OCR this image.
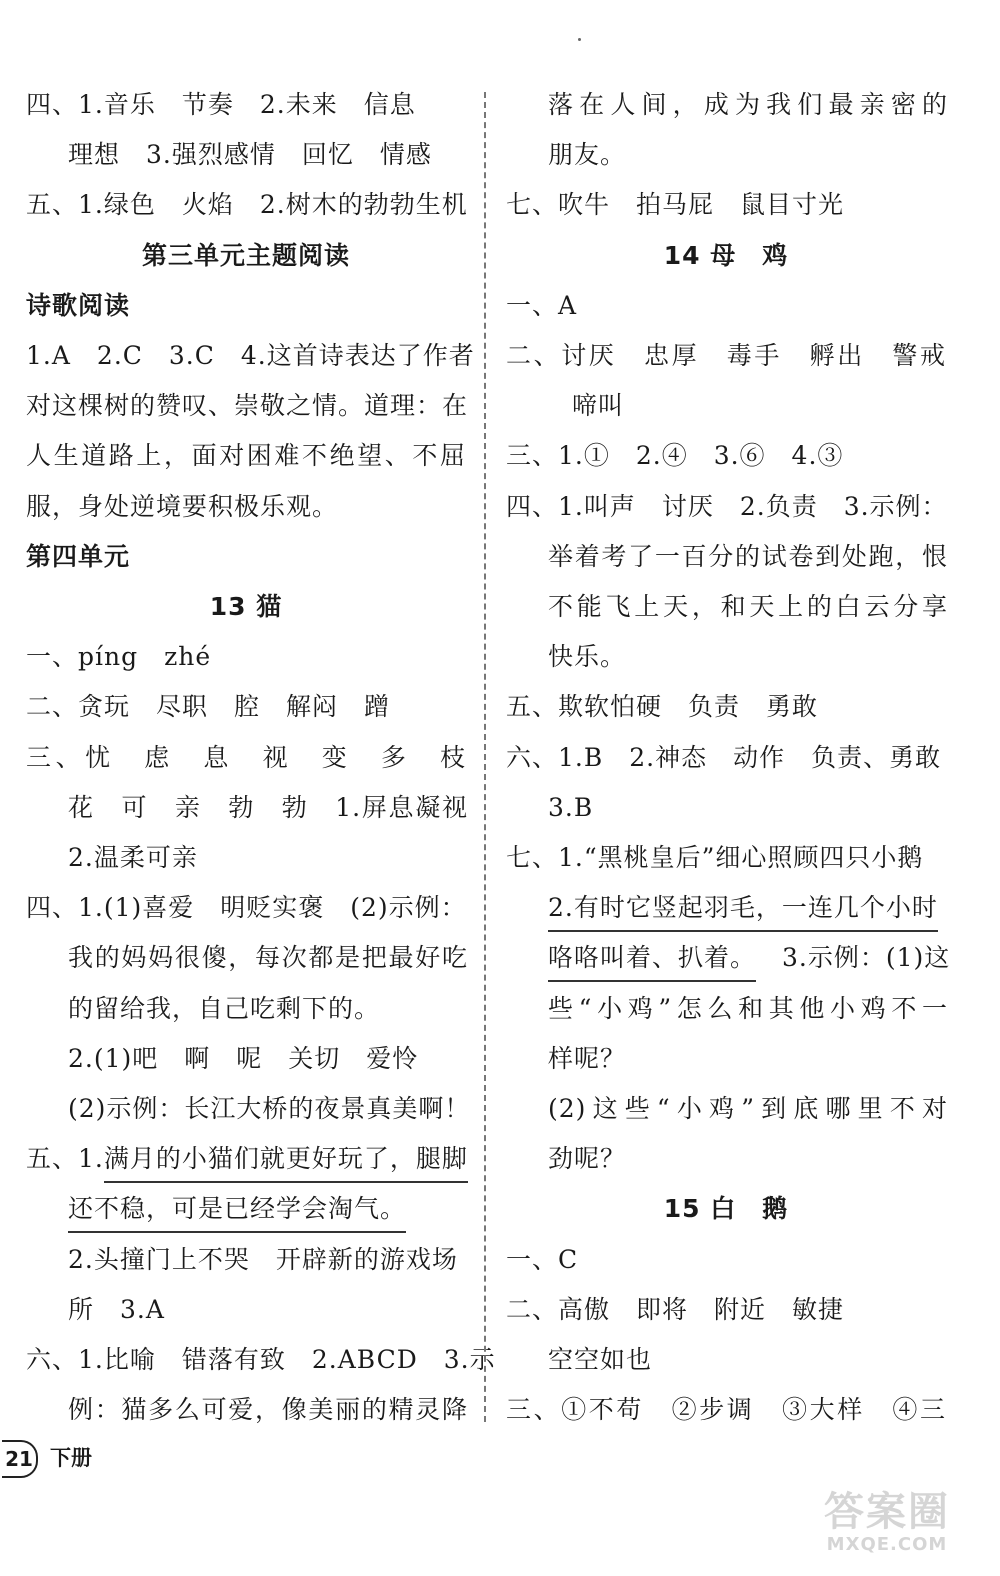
四、1.音乐　节奏　2.未来　信息
理想　3.强烈感情　回忆　情感
五、1.绿色　火焰　2.树木的勃勃生机
第三单元主题阅读
诗歌阅读
1.A　2.C　3.C　4.这首诗表达了作者
对这棵树的赞叹、崇敬之情。道理：在
人生道路上，面对困难不绝望、不屈
服，身处逆境要积极乐观。
第四单元
13 猫
一、píng　zhé
二、贪玩　尽职　腔　解闷　蹭
三、忧　虑　息　视　变　多　枝
花　可　亲　勃　勃　1.屏息凝视
2.温柔可亲
四、1.(1)喜爱　明贬实褒　(2)示例：
我的妈妈很傻，每次都是把最好吃
的留给我，自己吃剩下的。
2.(1)吧　啊　呢　关切　爱怜
(2)示例：长江大桥的夜景真美啊！
五、1.满月的小猫们就更好玩了，腿脚
还不稳，可是已经学会淘气。
2.头撞门上不哭　开辟新的游戏场
所　3.A
六、1.比喻　错落有致　2.ABCD　3.示
例：猫多么可爱，像美丽的精灵降
落在人间，成为我们最亲密的
朋友。
七、吹牛　拍马屁　鼠目寸光
14 母　鸡
一、A
二、讨厌　忠厚　毒手　孵出　警戒
啼叫
三、1.①　2.④　3.⑥　4.③
四、1.叫声　讨厌　2.负责　3.示例：
举着考了一百分的试卷到处跑，恨
不能飞上天，和天上的白云分享
快乐。
五、欺软怕硬　负责　勇敢
六、1.B　2.神态　动作　负责、勇敢
3.B
七、1.“黑桃皇后”细心照顾四只小鹅
2.有时它竖起羽毛，一连几个小时
咯咯叫着、扒着。　3.示例：(1)这
些“小鸡”怎么和其他小鸡不一
样呢？
(2)这些“小鸡”到底哪里不对
劲呢？
15 白　鹅
一、C
二、高傲　即将　附近　敏捷
空空如也
三、①不苟　②步调　③大样　④三
21 下册
答案圈
MXQE.COM
